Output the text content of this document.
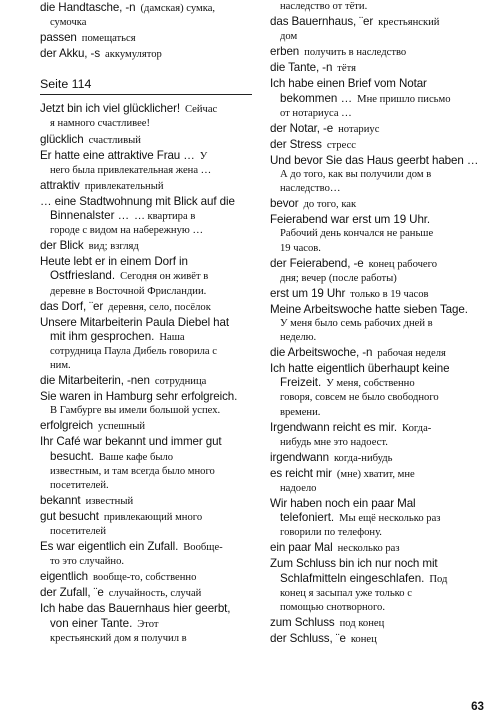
die Handtasche, -n (дамская) сумка,
сумочка

passen помещаться

der Akku, -s аккумулятор

Seite 114

Jetzt bin ich viel glücklicher! Сейчас
я намного счастливее!

glücklich счастливый

Er hatte eine attraktive Frau … У
него была привлекательная жена …

attraktiv привлекательный

… eine Stadtwohnung mit Blick auf die
Binnenalster … … квартира в
городе с видом на набережную …

der Blick вид; взгляд

Heute lebt er in einem Dorf in
Ostfriesland. Сегодня он живёт в
деревне в Восточной Фрисландии.

das Dorf, ¨er деревня, село, посёлок

Unsere Mitarbeiterin Paula Diebel hat
mit ihm gesprochen. Наша
сотрудница Паула Дибель говорила с
ним.

die Mitarbeiterin, -nen сотрудница

Sie waren in Hamburg sehr erfolgreich.
В Гамбурге вы имели большой успех.

erfolgreich успешный

Ihr Café war bekannt und immer gut
besucht. Ваше кафе было
известным, и там всегда было много
посетителей.

bekannt известный

gut besucht привлекающий много
посетителей

Es war eigentlich ein Zufall. Вообще-
то это случайно.

eigentlich вообще-то, собственно

der Zufall, ¨e случайность, случай

Ich habe das Bauernhaus hier geerbt,
von einer Tante. Этот
крестьянский дом я получил в

наследство от тёти.

das Bauernhaus, ¨er крестьянский
дом

erben получить в наследство

die Tante, -n тётя

Ich habe einen Brief vom Notar
bekommen … Мне пришло письмо
от нотариуса …

der Notar, -e нотариус

der Stress стресс

Und bevor Sie das Haus geerbt haben …
А до того, как вы получили дом в
наследство…

bevor до того, как

Feierabend war erst um 19 Uhr.
Рабочий день кончался не раньше
19 часов.

der Feierabend, -e конец рабочего
дня; вечер (после работы)

erst um 19 Uhr только в 19 часов

Meine Arbeitswoche hatte sieben Tage.
У меня было семь рабочих дней в
неделю.

die Arbeitswoche, -n рабочая неделя

Ich hatte eigentlich überhaupt keine
Freizeit. У меня, собственно
говоря, совсем не было свободного
времени.

Irgendwann reicht es mir. Когда-
нибудь мне это надоест.

irgendwann когда-нибудь

es reicht mir (мне) хватит, мне
надоело

Wir haben noch ein paar Mal
telefoniert. Мы ещё несколько раз
говорили по телефону.

ein paar Mal несколько раз

Zum Schluss bin ich nur noch mit
Schlafmitteln eingeschlafen. Под
конец я засыпал уже только с
помощью снотворного.

zum Schluss под конец

der Schluss, ¨e конец

63
